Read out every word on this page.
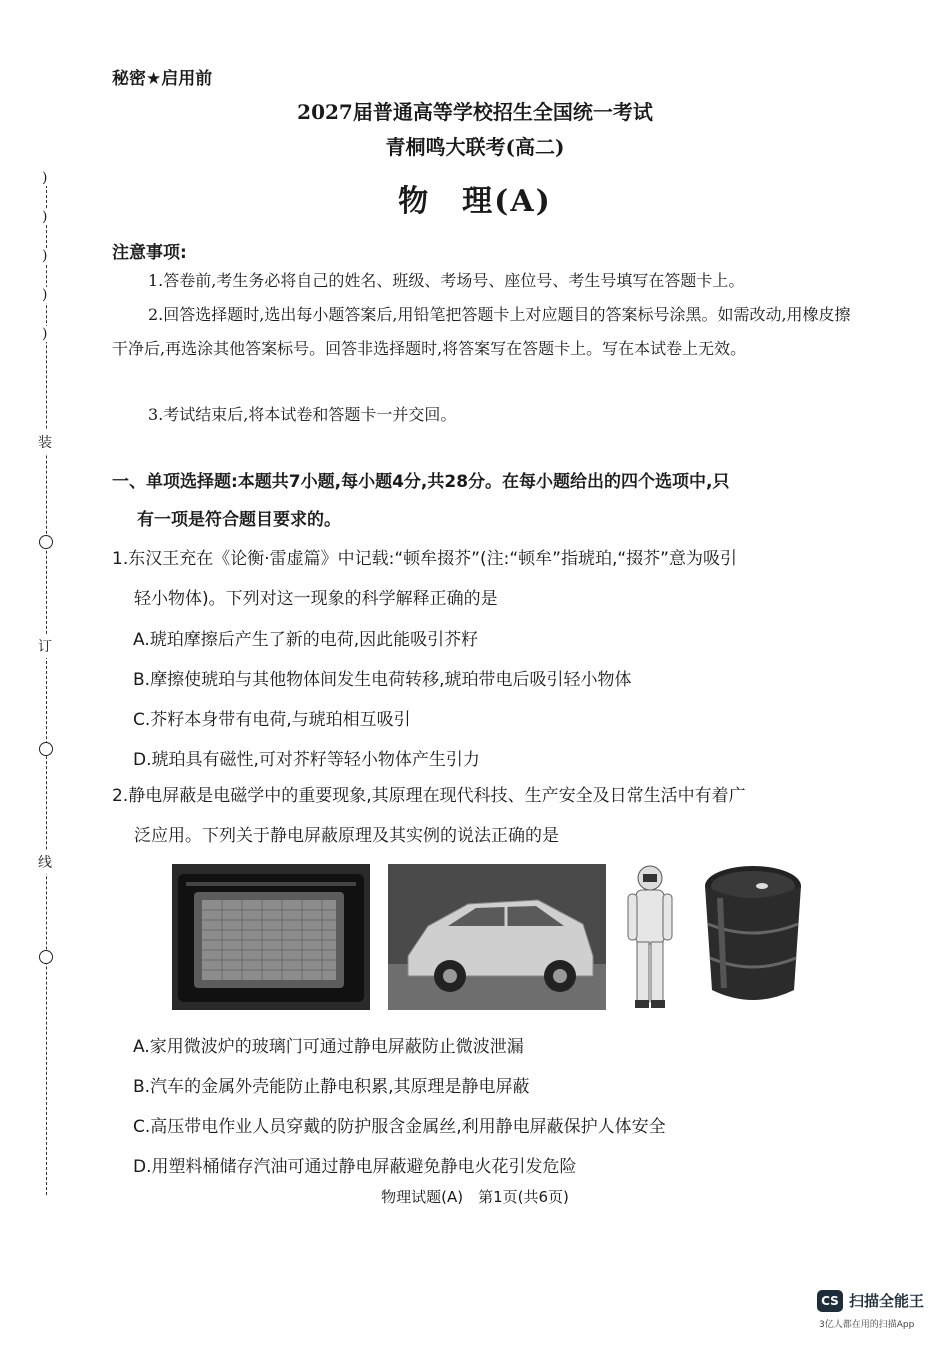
)
)
)
)
)
装
订
线
秘密★启用前
2027届普通高等学校招生全国统一考试
青桐鸣大联考(高二)
物　理(A)
注意事项:
1.答卷前,考生务必将自己的姓名、班级、考场号、座位号、考生号填写在答题卡上。
2.回答选择题时,选出每小题答案后,用铅笔把答题卡上对应题目的答案标号涂黑。如需改动,用橡皮擦干净后,再选涂其他答案标号。回答非选择题时,将答案写在答题卡上。写在本试卷上无效。
3.考试结束后,将本试卷和答题卡一并交回。
一、单项选择题:本题共7小题,每小题4分,共28分。在每小题给出的四个选项中,只
有一项是符合题目要求的。
1.东汉王充在《论衡·雷虚篇》中记载:“顿牟掇芥”(注:“顿牟”指琥珀,“掇芥”意为吸引
轻小物体)。下列对这一现象的科学解释正确的是
A.琥珀摩擦后产生了新的电荷,因此能吸引芥籽
B.摩擦使琥珀与其他物体间发生电荷转移,琥珀带电后吸引轻小物体
C.芥籽本身带有电荷,与琥珀相互吸引
D.琥珀具有磁性,可对芥籽等轻小物体产生引力
2.静电屏蔽是电磁学中的重要现象,其原理在现代科技、生产安全及日常生活中有着广
泛应用。下列关于静电屏蔽原理及其实例的说法正确的是
A.家用微波炉的玻璃门可通过静电屏蔽防止微波泄漏
B.汽车的金属外壳能防止静电积累,其原理是静电屏蔽
C.高压带电作业人员穿戴的防护服含金属丝,利用静电屏蔽保护人体安全
D.用塑料桶储存汽油可通过静电屏蔽避免静电火花引发危险
物理试题(A)　第1页(共6页)
CS 扫描全能王
3亿人都在用的扫描App
